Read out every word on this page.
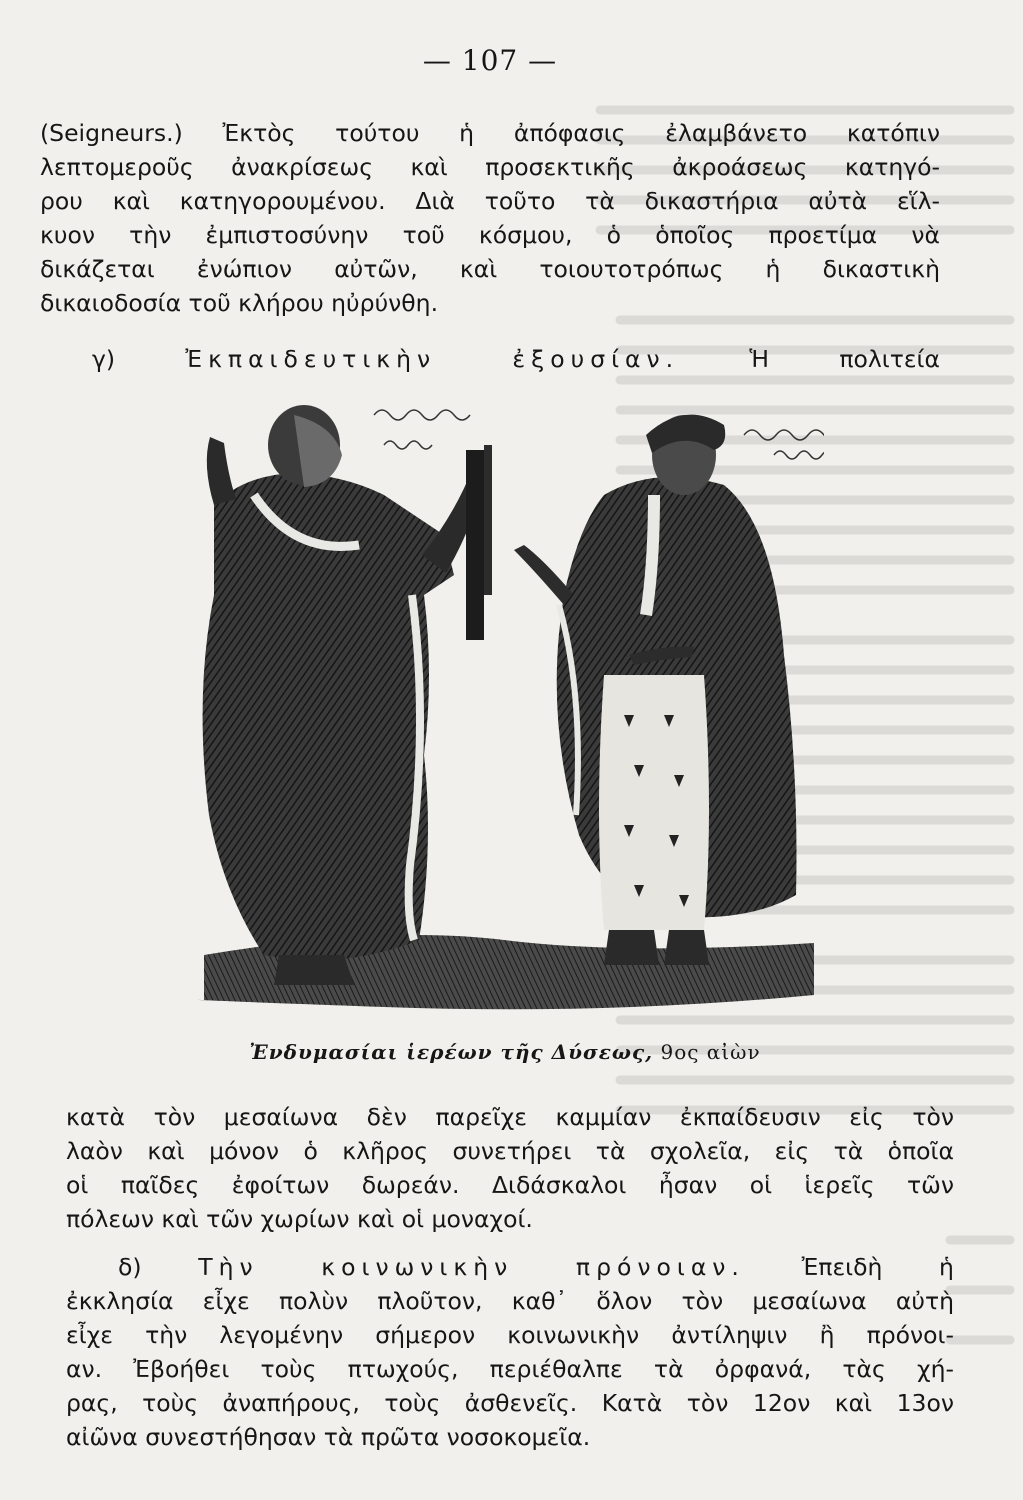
— 107 —
(Seigneurs.) Ἐκτὸς τούτου ἡ ἀπόφασις ἐλαμβάνετο κατόπιν
λεπτομεροῦς ἀνακρίσεως καὶ προσεκτικῆς ἀκροάσεως κατηγό-
ρου καὶ κατηγορουμένου. Διὰ τοῦτο τὰ δικαστήρια αὐτὰ εἵλ-
κυον τὴν ἐμπιστοσύνην τοῦ κόσμου, ὁ ὁποῖος προετίμα νὰ
δικάζεται ἐνώπιον αὐτῶν, καὶ τοιουτοτρόπως ἡ δικαστικὴ
δικαιοδοσία τοῦ κλήρου ηὐρύνθη.
γ)	Ἐκπαιδευτικὴν ἐξουσίαν.	Ἡ πολιτεία
Ἐνδυμασίαι ἱερέων τῆς Δύσεως, 9ος αἰὼν
κατὰ τὸν μεσαίωνα δὲν παρεῖχε καμμίαν ἐκπαίδευσιν εἰς τὸν
λαὸν καὶ μόνον ὁ κλῆρος συνετήρει τὰ σχολεῖα, εἰς τὰ ὁποῖα
οἱ παῖδες ἐφοίτων δωρεάν. Διδάσκαλοι ἦσαν οἱ ἱερεῖς τῶν
πόλεων καὶ τῶν χωρίων καὶ οἱ μοναχοί.
δ) Τὴν κοινωνικὴν πρόνοιαν. Ἐπειδὴ ἡ
ἐκκλησία εἶχε πολὺν πλοῦτον, καθ᾽ ὅλον τὸν μεσαίωνα αὐτὴ
εἶχε τὴν λεγομένην σήμερον κοινωνικὴν ἀντίληψιν ἢ πρόνοι-
αν. Ἐβοήθει τοὺς πτωχούς, περιέθαλπε τὰ ὀρφανά, τὰς χή-
ρας, τοὺς ἀναπήρους, τοὺς ἀσθενεῖς. Κατὰ τὸν 12ον καὶ 13ον
αἰῶνα συνεστήθησαν τὰ πρῶτα νοσοκομεῖα.
